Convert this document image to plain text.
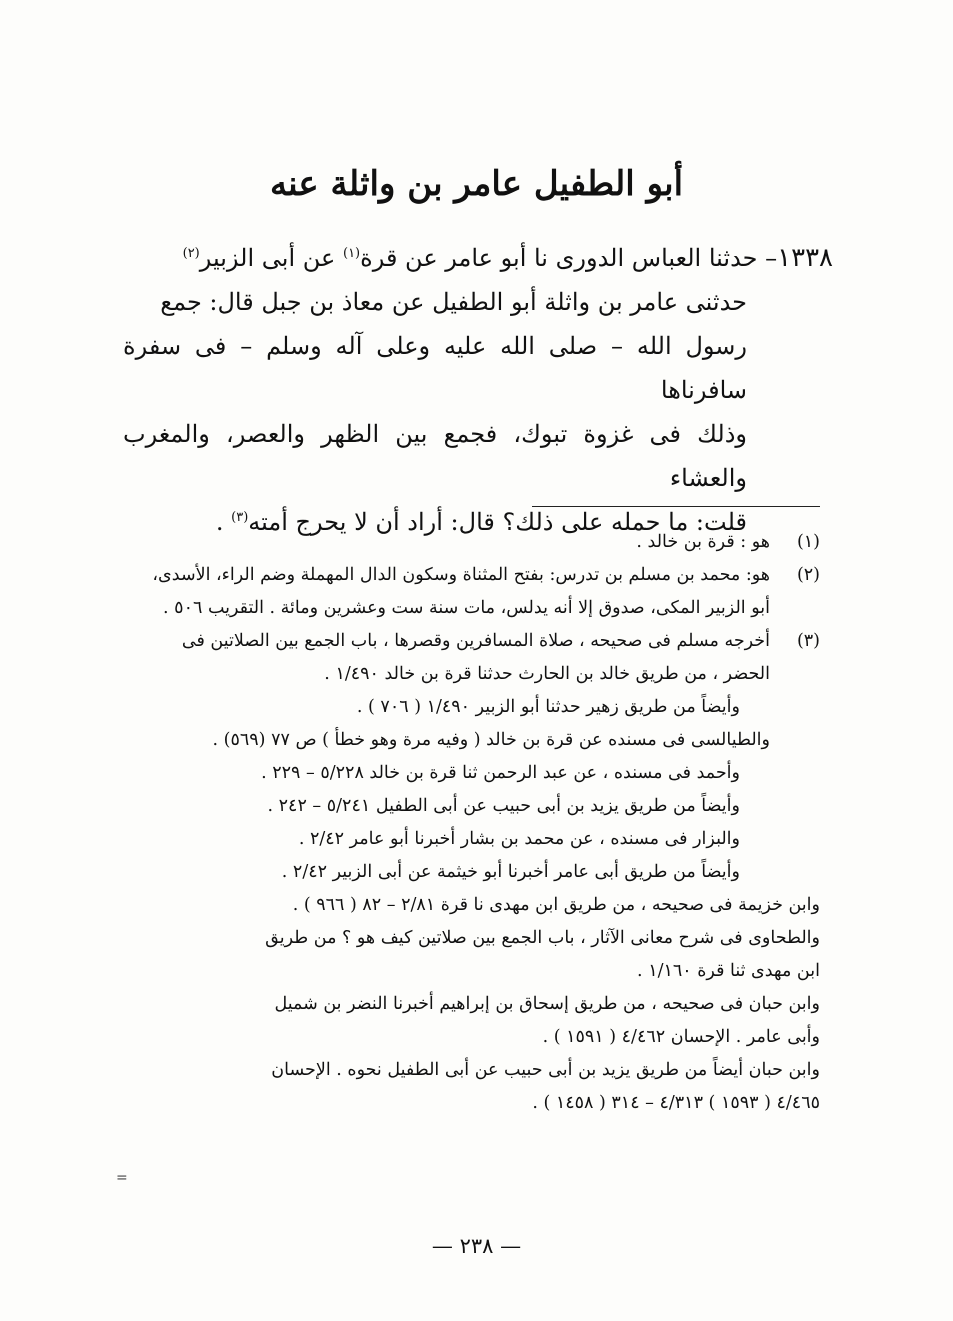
أبو الطفيل عامر بن واثلة عنه

١٣٣٨– حدثنا العباس الدورى نا أبو عامر عن قرة$^{(١)}$ عن أبى الزبير$^{(٢)}$

حدثنى عامر بن واثلة أبو الطفيل عن معاذ بن جبل قال: جمع

رسول الله – صلى الله عليه وعلى آله وسلم – فى سفرة سافرناها

وذلك فى غزوة تبوك، فجمع بين الظهر والعصر، والمغرب والعشاء

قلت: ما حمله على ذلك؟ قال: أراد أن لا يحرج أمته$^{(٣)}$ .

(١)
هو : قرة بن خالد .
(٢)
هو: محمد بن مسلم بن تدرس: بفتح المثناة وسكون الدال المهملة وضم الراء، الأسدى،
أبو الزبير المكى، صدوق إلا أنه يدلس، مات سنة ست وعشرين ومائة . التقريب ٥٠٦ .
(٣)
أخرجه مسلم فى صحيحه ، صلاة المسافرين وقصرها ، باب الجمع بين الصلاتين فى
الحضر ، من طريق خالد بن الحارث حدثنا قرة بن خالد ١/٤٩٠ .
وأيضاً من طريق زهير حدثنا أبو الزبير ١/٤٩٠ ( ٧٠٦ ) .
والطيالسى فى مسنده عن قرة بن خالد ( وفيه مرة وهو خطأ ) ص ٧٧ (٥٦٩) .
وأحمد فى مسنده ، عن عبد الرحمن ثنا قرة بن خالد ٥/٢٢٨ – ٢٢٩ .
وأيضاً من طريق يزيد بن أبى حبيب عن أبى الطفيل ٥/٢٤١ – ٢٤٢ .
والبزار فى مسنده ، عن محمد بن بشار أخبرنا أبو عامر ٢/٤٢ .
وأيضاً من طريق أبى عامر أخبرنا أبو خيثمة عن أبى الزبير ٢/٤٢ .
وابن خزيمة فى صحيحه ، من طريق ابن مهدى نا قرة ٢/٨١ – ٨٢ ( ٩٦٦ ) .
والطحاوى فى شرح معانى الآثار ، باب الجمع بين صلاتين كيف هو ؟ من طريق
ابن مهدى ثنا قرة ١/١٦٠ .
وابن حبان فى صحيحه ، من طريق إسحاق بن إبراهيم أخبرنا النضر بن شميل
وأبى عامر . الإحسان ٤/٤٦٢ ( ١٥٩١ ) .
وابن حبان أيضاً من طريق يزيد بن أبى حبيب عن أبى الطفيل نحوه . الإحسان
٤/٤٦٥ ( ١٥٩٣ ) ٤/٣١٣ – ٣١٤ ( ١٤٥٨ ) .
=
— ٢٣٨ —
